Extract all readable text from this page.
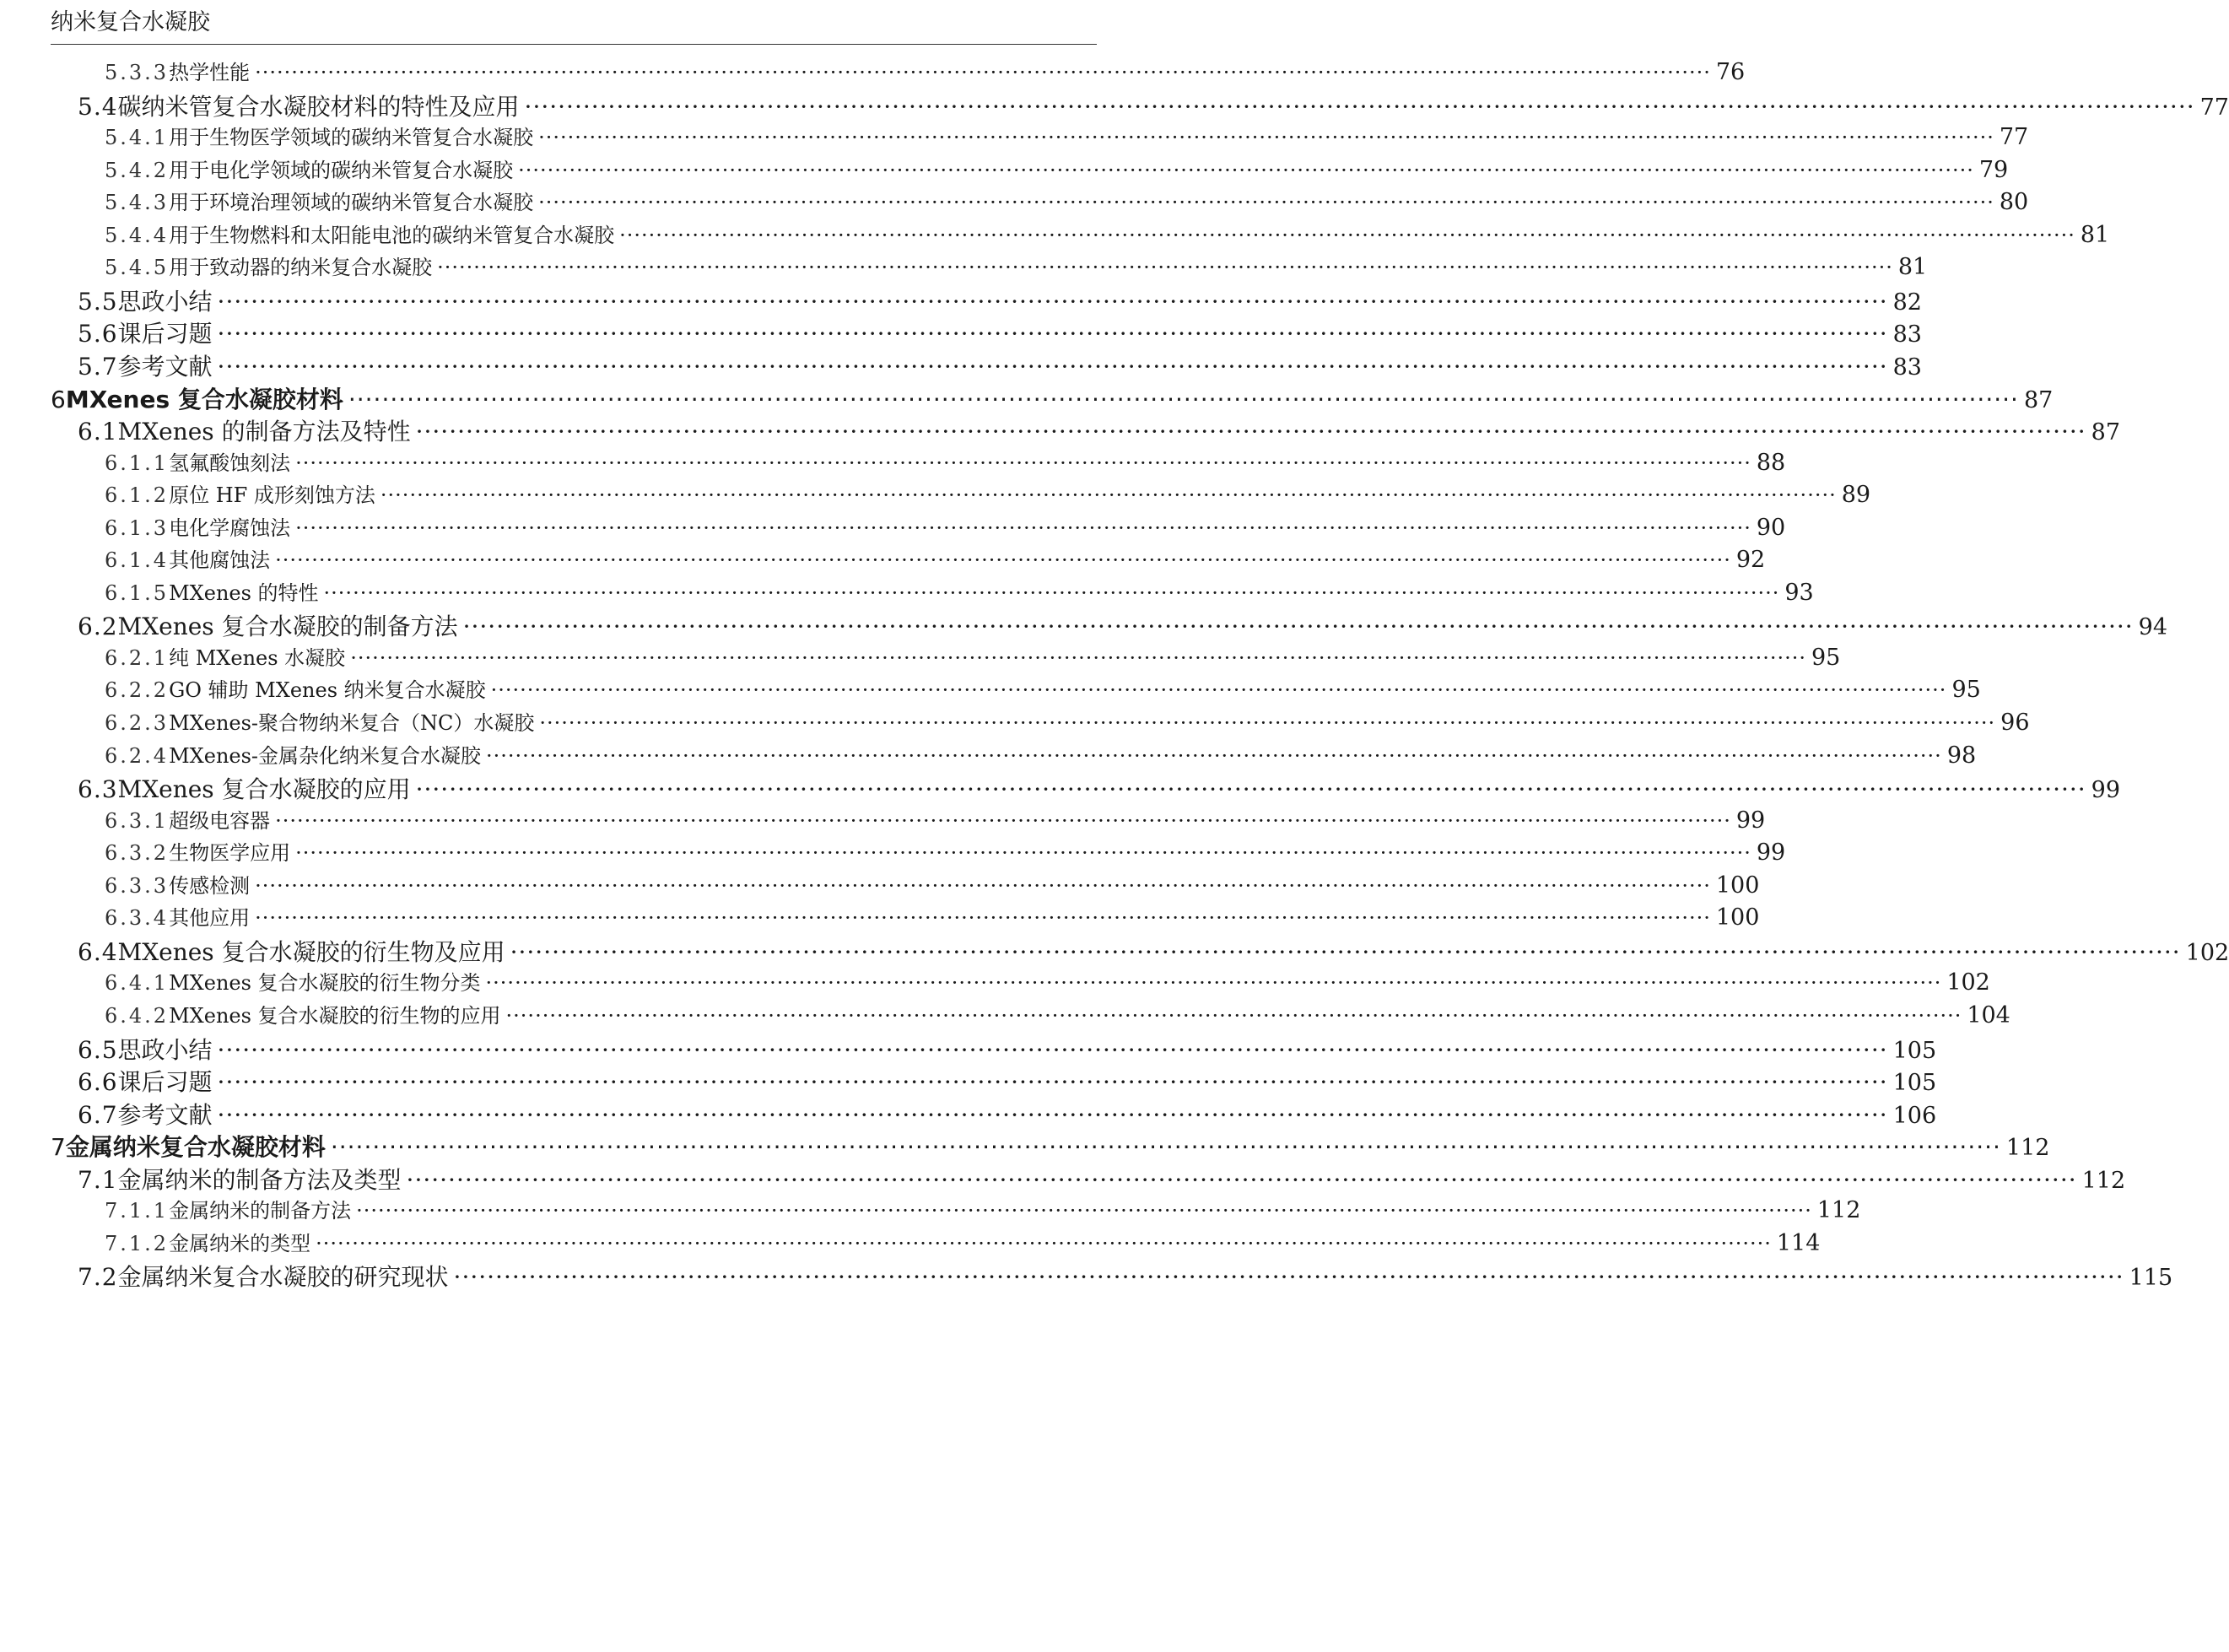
纳米复合水凝胶
5.3.3 热学性能 ········································································································································································································ 76
5.4 碳纳米管复合水凝胶材料的特性及应用 ········································································································································································································ 77
5.4.1 用于生物医学领域的碳纳米管复合水凝胶 ········································································································································································································ 77
5.4.2 用于电化学领域的碳纳米管复合水凝胶 ········································································································································································································ 79
5.4.3 用于环境治理领域的碳纳米管复合水凝胶 ········································································································································································································ 80
5.4.4 用于生物燃料和太阳能电池的碳纳米管复合水凝胶 ········································································································································································································ 81
5.4.5 用于致动器的纳米复合水凝胶 ········································································································································································································ 81
5.5 思政小结 ········································································································································································································ 82
5.6 课后习题 ········································································································································································································ 83
5.7 参考文献 ········································································································································································································ 83
6 MXenes 复合水凝胶材料 ········································································································································································································ 87
6.1 MXenes 的制备方法及特性 ········································································································································································································ 87
6.1.1 氢氟酸蚀刻法 ········································································································································································································ 88
6.1.2 原位 HF 成形刻蚀方法 ········································································································································································································ 89
6.1.3 电化学腐蚀法 ········································································································································································································ 90
6.1.4 其他腐蚀法 ········································································································································································································ 92
6.1.5 MXenes 的特性 ········································································································································································································ 93
6.2 MXenes 复合水凝胶的制备方法 ········································································································································································································ 94
6.2.1 纯 MXenes 水凝胶 ········································································································································································································ 95
6.2.2 GO 辅助 MXenes 纳米复合水凝胶 ········································································································································································································ 95
6.2.3 MXenes-聚合物纳米复合（NC）水凝胶 ········································································································································································································ 96
6.2.4 MXenes-金属杂化纳米复合水凝胶 ········································································································································································································ 98
6.3 MXenes 复合水凝胶的应用 ········································································································································································································ 99
6.3.1 超级电容器 ········································································································································································································ 99
6.3.2 生物医学应用 ········································································································································································································ 99
6.3.3 传感检测 ········································································································································································································ 100
6.3.4 其他应用 ········································································································································································································ 100
6.4 MXenes 复合水凝胶的衍生物及应用 ········································································································································································································ 102
6.4.1 MXenes 复合水凝胶的衍生物分类 ········································································································································································································ 102
6.4.2 MXenes 复合水凝胶的衍生物的应用 ········································································································································································································ 104
6.5 思政小结 ········································································································································································································ 105
6.6 课后习题 ········································································································································································································ 105
6.7 参考文献 ········································································································································································································ 106
7 金属纳米复合水凝胶材料 ········································································································································································································ 112
7.1 金属纳米的制备方法及类型 ········································································································································································································ 112
7.1.1 金属纳米的制备方法 ········································································································································································································ 112
7.1.2 金属纳米的类型 ········································································································································································································ 114
7.2 金属纳米复合水凝胶的研究现状 ········································································································································································································ 115
